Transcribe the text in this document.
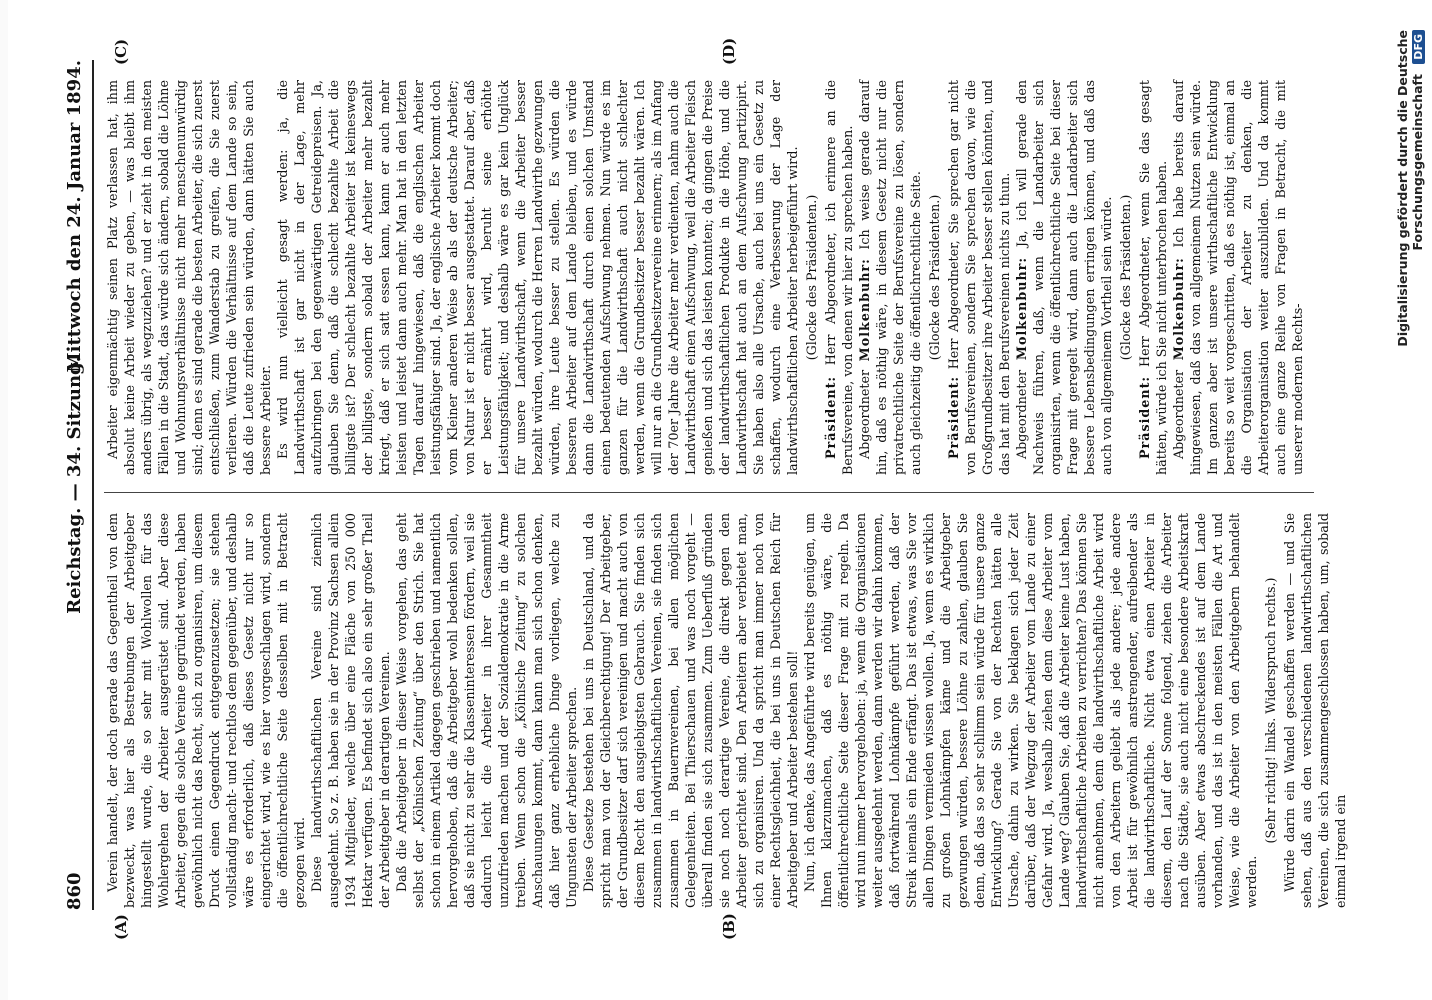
860
Reichstag. — 34. Sitzung.
Mittwoch den 24. Januar 1894.
(A)	(B)
(C)	(D)

Verein handelt, der doch gerade das Gegentheil von dem bezweckt, was hier als Bestrebungen der Arbeitgeber hingestellt wurde, die so sehr mit Wohlwollen für das Wohlergehen der Arbeiter ausgerüstet sind. Aber diese Arbeiter, gegen die solche Vereine gegründet werden, haben gewöhnlich nicht das Recht, sich zu organisiren, um diesem Druck einen Gegendruck entgegenzusetzen; sie stehen vollständig macht- und rechtlos dem gegenüber, und deshalb wäre es erforderlich, daß dieses Gesetz nicht nur so eingerichtet wird, wie es hier vorgeschlagen wird, sondern die öffentlichrechtliche Seite desselben mit in Betracht gezogen wird. Diese landwirthschaftlichen Vereine sind ziemlich ausgedehnt. So z. B. haben sie in der Provinz Sachsen allein 1934 Mitglieder, welche über eine Fläche von 250 000 Hektar verfügen. Es befindet sich also ein sehr großer Theil der Arbeitgeber in derartigen Vereinen. Daß die Arbeitgeber in dieser Weise vorgehen, das geht selbst der „Kölnischen Zeitung“ über den Strich. Sie hat schon in einem Artikel dagegen geschrieben und namentlich hervorgehoben, daß die Arbeitgeber wohl bedenken sollen, daß sie nicht zu sehr die Klasseninteressen fördern, weil sie dadurch leicht die Arbeiter in ihrer Gesammtheit unzufrieden machen und der Sozialdemokratie in die Arme treiben. Wenn schon die „Kölnische Zeitung“ zu solchen Anschauungen kommt, dann kann man sich schon denken, daß hier ganz erhebliche Dinge vorliegen, welche zu Ungunsten der Arbeiter sprechen. Diese Gesetze bestehen bei uns in Deutschland, und da spricht man von der Gleichberechtigung! Der Arbeitgeber, der Grundbesitzer darf sich vereinigen und macht auch von diesem Recht den ausgiebigsten Gebrauch. Sie finden sich zusammen in landwirthschaftlichen Vereinen, sie finden sich zusammen in Bauernvereinen, bei allen möglichen Gelegenheiten. Bei Thierschauen und was noch vorgeht — überall finden sie sich zusammen. Zum Ueberfluß gründen sie noch noch derartige Vereine, die direkt gegen den Arbeiter gerichtet sind. Den Arbeitern aber verbietet man, sich zu organisiren. Und da spricht man immer noch von einer Rechtsgleichheit, die bei uns in Deutschen Reich für Arbeitgeber und Arbeiter bestehen soll! Nun, ich denke, das Angeführte wird bereits genügen, um Ihnen klarzumachen, daß es nöthig wäre, die öffentlichrechtliche Seite dieser Frage mit zu regeln. Da wird nun immer hervorgehoben: ja, wenn die Organisationen weiter ausgedehnt werden, dann werden wir dahin kommen, daß fortwährend Lohnkämpfe geführt werden, daß der Streik niemals ein Ende erfängt. Das ist etwas, was Sie vor allen Dingen vermieden wissen wollen. Ja, wenn es wirklich zu großen Lohnkämpfen käme und die Arbeitgeber gezwungen würden, bessere Löhne zu zahlen, glauben Sie denn, daß das so sehr schlimm sein würde für unsere ganze Entwicklung? Gerade Sie von der Rechten hätten alle Ursache, dahin zu wirken. Sie beklagen sich jeder Zeit darüber, daß der Wegzug der Arbeiter vom Lande zu einer Gefahr wird. Ja, weshalb ziehen denn diese Arbeiter vom Lande weg? Glauben Sie, daß die Arbeiter keine Lust haben, landwirthschaftliche Arbeiten zu verrichten? Das können Sie nicht annehmen, denn die landwirthschaftliche Arbeit wird von den Arbeitern geliebt als jede andere; jede andere Arbeit ist für gewöhnlich anstrengender, aufreibender als die landwirthschaftliche. Nicht etwa einen Arbeiter in diesem, den Lauf der Sonne folgend, ziehen die Arbeiter nach die Städte, sie auch nicht eine besondere Arbeitskraft ausüben. Aber etwas abschreckendes ist auf dem Lande vorhanden, und das ist in den meisten Fällen die Art und Weise, wie die Arbeiter von den Arbeitgebern behandelt werden.

(Sehr richtig! links. Widerspruch rechts.) Würde darin ein Wandel geschaffen werden — und Sie sehen, daß aus den verschiedenen landwirthschaftlichen Vereinen, die sich zusammengeschlossen haben, um, sobald einmal irgend ein

Arbeiter eigenmächtig seinen Platz verlassen hat, ihm absolut keine Arbeit wieder zu geben, — was bleibt ihm anders übrig, als wegzuziehen? und er zieht in den meisten Fällen in die Stadt, das würde sich ändern, sobald die Löhne und Wohnungsverhältnisse nicht mehr menschenunwürdig sind; denn es sind gerade die besten Arbeiter, die sich zuerst entschließen, zum Wanderstab zu greifen, die Sie zuerst verlieren. Würden die Verhältnisse auf dem Lande so sein, daß die Leute zufrieden sein würden, dann hätten Sie auch bessere Arbeiter. Es wird nun vielleicht gesagt werden: ja, die Landwirthschaft ist gar nicht in der Lage, mehr aufzubringen bei den gegenwärtigen Getreidepreisen. Ja, glauben Sie denn, daß die schlecht bezahlte Arbeit die billigste ist? Der schlecht bezahlte Arbeiter ist keineswegs der billigste, sondern sobald der Arbeiter mehr bezahlt kriegt, daß er sich satt essen kann, kann er auch mehr leisten und leistet dann auch mehr. Man hat in den letzten Tagen darauf hingewiesen, daß die englischen Arbeiter leistungsfähiger sind. Ja, der englische Arbeiter kommt doch vom Kleiner anderen Weise ab als der deutsche Arbeiter; von Natur ist er nicht besser ausgestattet. Darauf aber, daß er besser ernährt wird, beruht seine erhöhte Leistungsfähigkeit; und deshalb wäre es gar kein Unglück für unsere Landwirthschaft, wenn die Arbeiter besser bezahlt würden, wodurch die Herren Landwirthe gezwungen würden, ihre Leute besser zu stellen. Es würden die besseren Arbeiter auf dem Lande bleiben, und es würde dann die Landwirthschaft durch einen solchen Umstand einen bedeutenden Aufschwung nehmen. Nun würde es im ganzen für die Landwirthschaft auch nicht schlechter werden, wenn die Grundbesitzer besser bezahlt wären. Ich will nur an die Grundbesitzervereine erinnern; als im Anfang der 70er Jahre die Arbeiter mehr verdienten, nahm auch die Landwirthschaft einen Aufschwung, weil die Arbeiter Fleisch genießen und sich das leisten konnten; da gingen die Preise der landwirthschaftlichen Produkte in die Höhe, und die Landwirthschaft hat auch an dem Aufschwung partizipirt. Sie haben also alle Ursache, auch bei uns ein Gesetz zu schaffen, wodurch eine Verbesserung der Lage der landwirthschaftlichen Arbeiter herbeigeführt wird. (Glocke des Präsidenten.)

Präsident: Herr Abgeordneter, ich erinnere an die Berufsvereine, von denen wir hier zu sprechen haben. Abgeordneter Molkenbuhr: Ich weise gerade darauf hin, daß es nöthig wäre, in diesem Gesetz nicht nur die privatrechtliche Seite der Berufsvereine zu lösen, sondern auch gleichzeitig die öffentlichrechtliche Seite. (Glocke des Präsidenten.)

Präsident: Herr Abgeordneter, Sie sprechen gar nicht von Berufsvereinen, sondern Sie sprechen davon, wie die Großgrundbesitzer ihre Arbeiter besser stellen könnten, und das hat mit den Berufsvereinen nichts zu thun. Abgeordneter Molkenbuhr: Ja, ich will gerade den Nachweis führen, daß, wenn die Landarbeiter sich organisirten, wenn die öffentlichrechtliche Seite bei dieser Frage mit geregelt wird, dann auch die Landarbeiter sich bessere Lebensbedingungen erringen können, und daß das auch von allgemeinem Vortheil sein würde. (Glocke des Präsidenten.)

Präsident: Herr Abgeordneter, wenn Sie das gesagt hätten, würde ich Sie nicht unterbrochen haben. Abgeordneter Molkenbuhr: Ich habe bereits darauf hingewiesen, daß das von allgemeinem Nutzen sein würde. Im ganzen aber ist unsere wirthschaftliche Entwicklung bereits so weit vorgeschritten, daß es nöthig ist, einmal an die Organisation der Arbeiter zu denken, die Arbeiterorganisation weiter auszubilden. Und da kommt auch eine ganze Reihe von Fragen in Betracht, die mit unserer modernen Rechts-

Digitalisierung gefördert durch die Deutsche Forschungsgemeinschaft DFG
